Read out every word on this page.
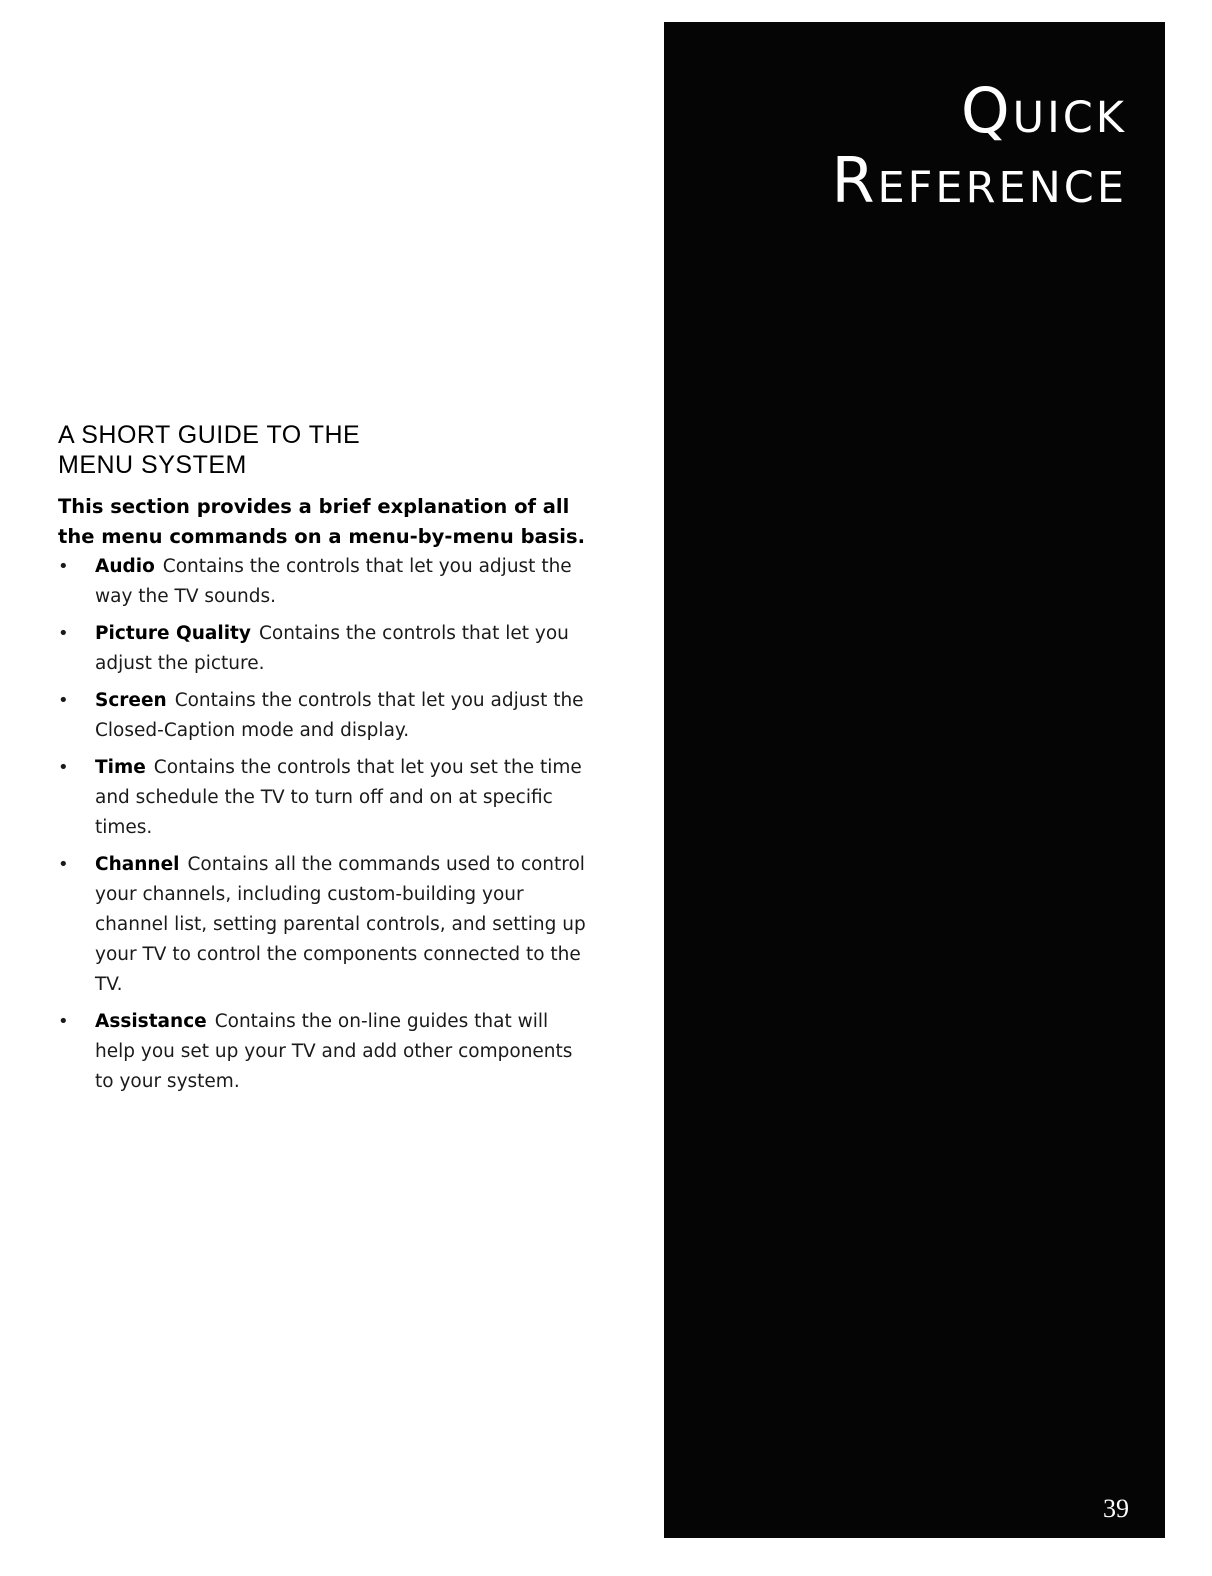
A SHORT GUIDE TO THE
MENU SYSTEM

This section provides a brief explanation of all the menu commands on a menu-by-menu basis.

• Audio Contains the controls that let you adjust the way the TV sounds.
• Picture Quality Contains the controls that let you adjust the picture.
• Screen Contains the controls that let you adjust the Closed-Caption mode and display.
• Time Contains the controls that let you set the time and schedule the TV to turn off and on at specific times.
• Channel Contains all the commands used to control your channels, including custom-building your channel list, setting parental controls, and setting up your TV to control the components connected to the TV.
• Assistance Contains the on-line guides that will help you set up your TV and add other components to your system.
Quick
Reference
39
